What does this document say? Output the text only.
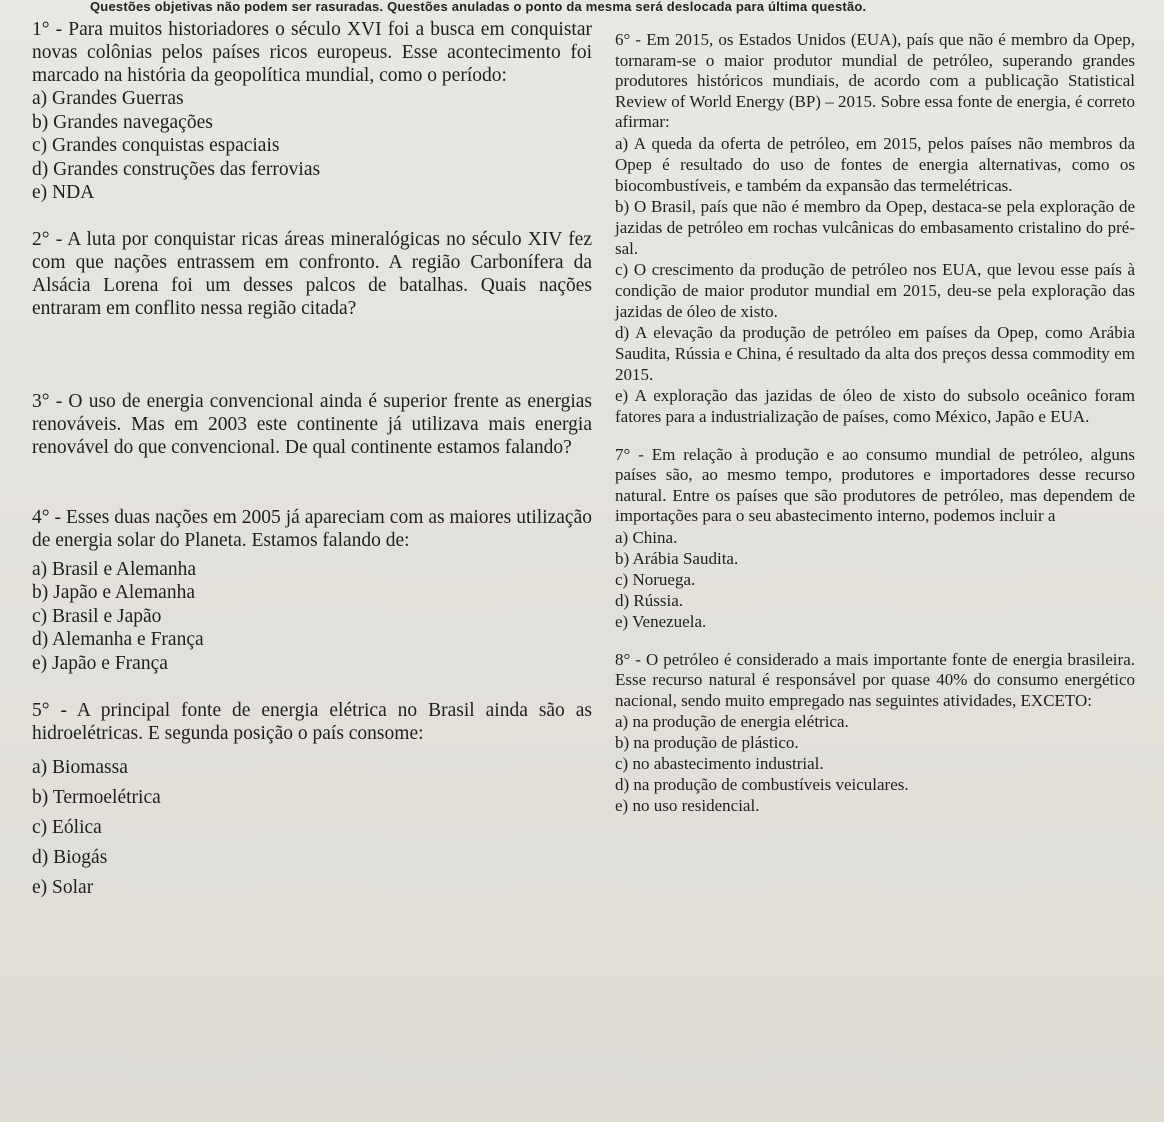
Questões objetivas não podem ser rasuradas. Questões anuladas o ponto da mesma será deslocada para última questão.

1° - Para muitos historiadores o século XVI foi a busca em conquistar novas colônias pelos países ricos europeus. Esse acontecimento foi marcado na história da geopolítica mundial, como o período:

a) Grandes Guerras
b) Grandes navegações
c) Grandes conquistas espaciais
d) Grandes construções das ferrovias
e) NDA

2° - A luta por conquistar ricas áreas mineralógicas no século XIV fez com que nações entrassem em confronto. A região Carbonífera da Alsácia Lorena foi um desses palcos de batalhas. Quais nações entraram em conflito nessa região citada?

3° - O uso de energia convencional ainda é superior frente as energias renováveis. Mas em 2003 este continente já utilizava mais energia renovável do que convencional. De qual continente estamos falando?

4° - Esses duas nações em 2005 já apareciam com as maiores utilização de energia solar do Planeta. Estamos falando de:

a) Brasil e Alemanha
b) Japão e Alemanha
c) Brasil e Japão
d) Alemanha e França
e) Japão e França

5° - A principal fonte de energia elétrica no Brasil ainda são as hidroelétricas. E segunda posição o país consome:

a) Biomassa
b) Termoelétrica
c) Eólica
d) Biogás
e) Solar

6° - Em 2015, os Estados Unidos (EUA), país que não é membro da Opep, tornaram-se o maior produtor mundial de petróleo, superando grandes produtores históricos mundiais, de acordo com a publicação Statistical Review of World Energy (BP) – 2015. Sobre essa fonte de energia, é correto afirmar:

a) A queda da oferta de petróleo, em 2015, pelos países não membros da Opep é resultado do uso de fontes de energia alternativas, como os biocombustíveis, e também da expansão das termelétricas.
b) O Brasil, país que não é membro da Opep, destaca-se pela exploração de jazidas de petróleo em rochas vulcânicas do embasamento cristalino do pré-sal.
c) O crescimento da produção de petróleo nos EUA, que levou esse país à condição de maior produtor mundial em 2015, deu-se pela exploração das jazidas de óleo de xisto.
d) A elevação da produção de petróleo em países da Opep, como Arábia Saudita, Rússia e China, é resultado da alta dos preços dessa commodity em 2015.
e) A exploração das jazidas de óleo de xisto do subsolo oceânico foram fatores para a industrialização de países, como México, Japão e EUA.

7° - Em relação à produção e ao consumo mundial de petróleo, alguns países são, ao mesmo tempo, produtores e importadores desse recurso natural. Entre os países que são produtores de petróleo, mas dependem de importações para o seu abastecimento interno, podemos incluir a

a) China.
b) Arábia Saudita.
c) Noruega.
d) Rússia.
e) Venezuela.

8° - O petróleo é considerado a mais importante fonte de energia brasileira. Esse recurso natural é responsável por quase 40% do consumo energético nacional, sendo muito empregado nas seguintes atividades, EXCETO:

a) na produção de energia elétrica.
b) na produção de plástico.
c) no abastecimento industrial.
d) na produção de combustíveis veiculares.
e) no uso residencial.
